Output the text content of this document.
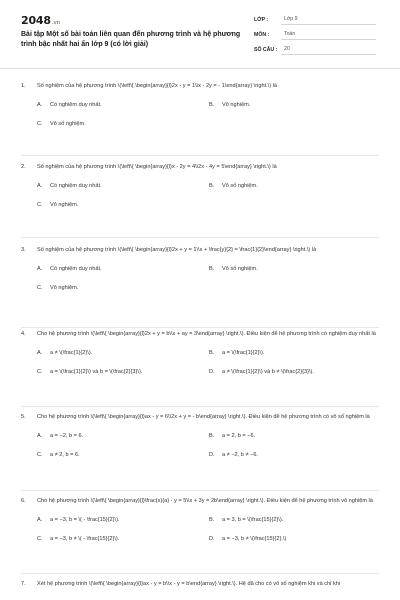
2048.vn
Bài tập Một số bài toán liên quan đến phương trình và hệ phương trình bậc nhất hai ẩn lớp 9 (có lời giải)
LỚP :	Lớp 9
MÔN :	Toán
SỐ CÂU :	20
1.	Số nghiệm của hệ phương trình \(\left\{ \begin{array}{l}2x - y = 1\\x - 2y = - 1\end{array} \right.\) là
A.	Có nghiệm duy nhất.	B.	Vô nghiệm.
C.	Vô số nghiệm.
2.	Số nghiệm của hệ phương trình \(\left\{ \begin{array}{l}x - 2y = 4\\2x - 4y = 5\end{array} \right.\) là
A.	Có nghiệm duy nhất.	B.	Vô số nghiệm.
C.	Vô nghiệm.
3.	Số nghiệm của hệ phương trình \(\left\{ \begin{array}{l}2x + y = 1\\x + \frac{y}{2} = \frac{1}{2}\end{array} \right.\) là
A.	Có nghiệm duy nhất.	B.	Vô số nghiệm.
C.	Vô nghiệm.
4.	Cho hệ phương trình \(\left\{ \begin{array}{l}2x + y = b\\x + ay = 3\end{array} \right.\). Điều kiện để hệ phương trình có nghiệm duy nhất là
A.	a ≠ \(\frac{1}{2}\).	B.	a = \(\frac{1}{2}\).
C.	a = \(\frac{1}{2}\) và b = \(\frac{2}{3}\).	D.	a ≠ \(\frac{1}{2}\) và b ≠ \(\frac{2}{3}\).
5.	Cho hệ phương trình \(\left\{ \begin{array}{l}ax - y = 6\\2x + y = - b\end{array} \right.\). Điều kiện để hệ phương trình có vô số nghiệm là
A.	a = −2, b = 6.	B.	a = 2, b = −6.
C.	a ≠ 2, b = 6.	D.	a ≠ −2, b ≠ −6.
6.	Cho hệ phương trình \(\left\{ \begin{array}{l}\frac{x}{a} - y = 5\\x + 3y = 2b\end{array} \right.\). Điều kiện để hệ phương trình vô nghiệm là
A.	a = −3, b = \( - \frac{15}{2}\).	B.	a = 3, b = \(\frac{15}{2}\).
C.	a = −3, b ≠ \( - \frac{15}{2}\).	D.	a = −3, b ≠ \(\frac{15}{2}.\)
7.	Xét hệ phương trình \(\left\{ \begin{array}{l}ax - y = b\\x - y = b\end{array} \right.\). Hệ đã cho có vô số nghiệm khi và chỉ khi
